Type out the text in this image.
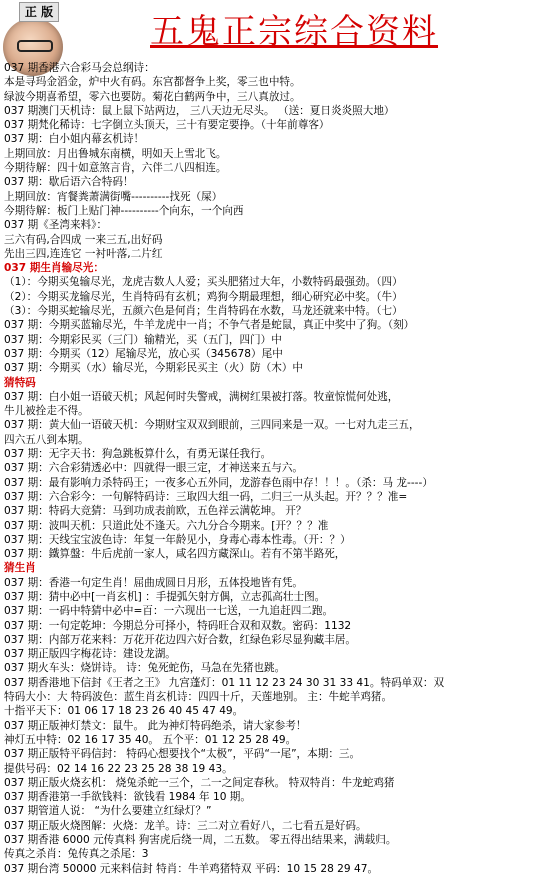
正 版	五鬼正宗综合资料
037 期香港六合彩马会总纲诗：
本是寻玛金滔金，炉中火有码。东宫都督争上奖，零三也中特。
绿波今期喜希望，零六也要防。菊花白鹤两争中，三八真放过。
037 期澳门天机诗：鼠上鼠下站两边， 三八天边无尽头。 （送：夏日炎炎照大地）
037 期梵化稀诗：七字倒立头顶天，三十有要定要挣。（十年前尊客）
037 期：白小姐内幕玄机诗！
上期回放：月出鲁城东南横，明如天上雪北飞。
今期待解：四十如意煞言肯，六伴二八四相连。
037 期：歇后语六合特码！
上期回放：宵餐粪萧满街嘴----------找死（屎）
今期待解：板门上贴门神----------个向东，一个向西
037 期《圣湾来料》：
三六有码,合四成 一来三五,出好码
先出三四,连连它 一衬叶落,二片红
037 期生肖输尽光：
（1）：今期买兔输尽光，龙虎吉数人人爱；买头肥猪过大年，小数特码最强劲。（四）
（2）：今期买龙输尽光，生肖特码有玄机；鸡狗今期最理想，细心研究必中奖。（牛）
（3）：今期买蛇输尽光，五颜六色是何肖；生肖特码在水数，马龙还就来中特。（七）
037 期：今期买蓝输尽光，牛羊龙虎中一肖；不争气者是蛇鼠，真正中奖中了狗。（刻）
037 期：今期彩民买（三门）输精光，买（五门，四门）中
037 期：今期买（12）尾输尽光，放心买（345678）尾中
037 期：今期买（水）输尽光，今期彩民买主（火）防（木）中
猜特码
037 期：白小姐一语破天机；风起何时失警戒，满树红果被打落。牧童惊慌何处逃，
牛儿被拴走不得。
037 期：黄大仙一语破天机：今期财宝双双到眼前，三四同来是一双。一七对九走三五，
四六五八到本期。
037 期：无字天书：狗急跳板算什么，有勇无谋任我行。
037 期：六合彩猜透必中：四就得一眼三定，才神送来五与六。
037 期：最有影响力杀特码王；一夜多心五外同，龙游春色雨中存！！！。（杀：马 龙----）
037 期：六合彩今：一句解特码诗：三取四大组一码，二归三一从头起。开？？？准=
037 期：特码大竞猜：马到功成表前欧，五色祥云满乾坤。 开？
037 期：波叫天机：只道此处不逢天。六九分合今期来。[开？？？准
037 期：天线宝宝波色诗：年复一年龄见小，身毒心毒本性毒。（开：？）
037 期：鐵算盤：牛后虎前一家人，咸名四方藏深山。若有不第半路死，
猜生肖
037 期：香港一句定生肖！屈曲成圆日月形，五体投地皆有凭。
037 期：猜中必中[一肖玄机] ：手提弧矢射方偶，立志孤高壮士图。
037 期：一码中特猜中必中=百：一六现出一七送，一九追赶四二跑。
037 期：一句定乾坤：今期总分可择小，特码旺合双和双数。密码：1132
037 期：内部万花来料：万花开花边四六好合数，红绿色彩尽显狗藏丰居。
037 期正版四字梅花诗：建设龙湖。
037 期火车头：烧饼诗。 诗：兔死蛇伤，马急在先猪也跳。
037 期香港地下信封《王者之王》 九宫蓬灯：01 11 12 23 24 30 31 33 41。特码单双：双
特码大小：大 特码波色：蓝生肖玄机诗：四四十斤，天莲地别。 主：牛蛇羊鸡猪。
十指平天下：01 06 17 18 23 26 40 45 47 49。
037 期正版神灯禁文：鼠牛。 此为神灯特码绝杀，请大家参考！
神灯五中特：02 16 17 35 40。 五个平：01 12 25 28 49。
037 期正版特平码信封： 特码心想要找个“太极”，平码“一尾”，本期：三。
提供号码：02 14 16 22 23 25 28 38 19 43。
037 期正版火烧玄机： 烧兔杀蛇一三个，二一之间定春秋。 特双特肖：牛龙蛇鸡猪
037 期香港第一手欲钱料：欲钱看 1984 年 10 期。
037 期管道人说： “为什么要建立红绿灯？”
037 期正版火烧图解：火烧：龙羊。诗：三二对立看好八，二七看五是好码。
037 期香港 6000 元传真料 狗害虎后绕一周，二五数。 零五得出结果来，满载归。
传真之杀肖：兔传真之杀尾：3
037 期台湾 50000 元来料信封 特肖：牛羊鸡猪特双 平码：10 15 28 29 47。
